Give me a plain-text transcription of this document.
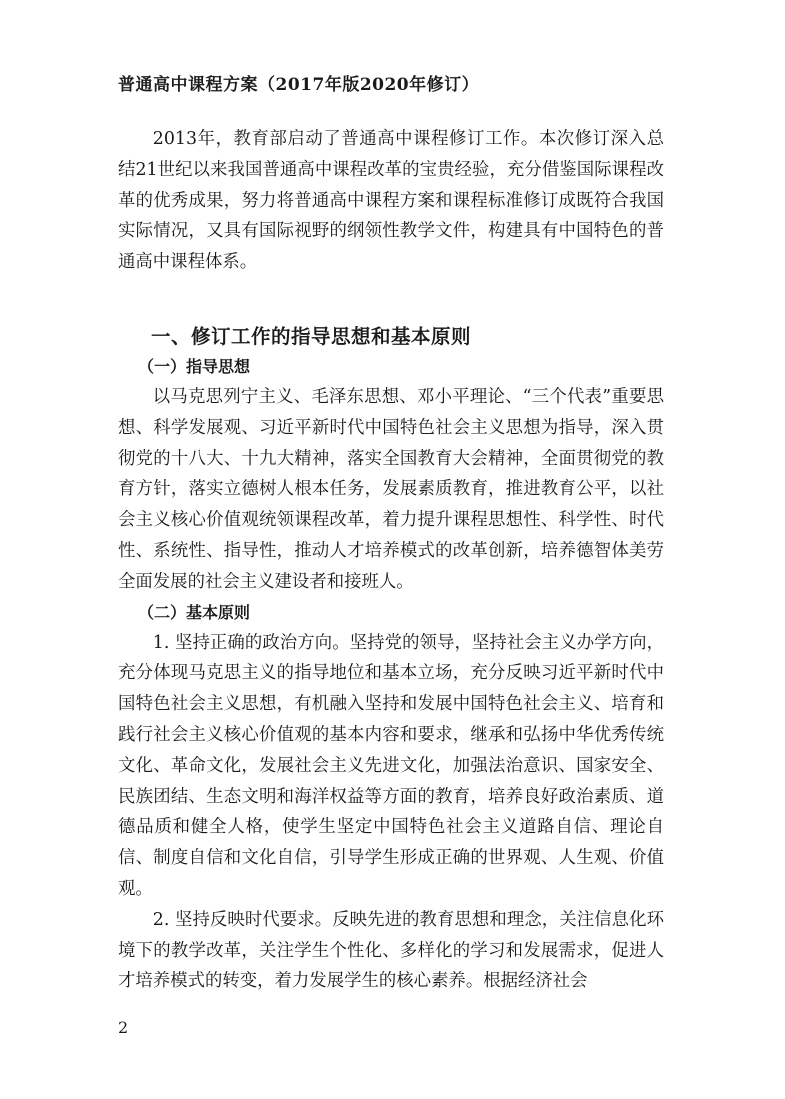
普通高中课程方案（2017年版2020年修订）

2013年，教育部启动了普通高中课程修订工作。本次修订深入总结21世纪以来我国普通高中课程改革的宝贵经验，充分借鉴国际课程改革的优秀成果，努力将普通高中课程方案和课程标准修订成既符合我国实际情况，又具有国际视野的纲领性教学文件，构建具有中国特色的普通高中课程体系。

一、修订工作的指导思想和基本原则
（一）指导思想

以马克思列宁主义、毛泽东思想、邓小平理论、“三个代表”重要思想、科学发展观、习近平新时代中国特色社会主义思想为指导，深入贯彻党的十八大、十九大精神，落实全国教育大会精神，全面贯彻党的教育方针，落实立德树人根本任务，发展素质教育，推进教育公平，以社会主义核心价值观统领课程改革，着力提升课程思想性、科学性、时代性、系统性、指导性，推动人才培养模式的改革创新，培养德智体美劳全面发展的社会主义建设者和接班人。

（二）基本原则

1. 坚持正确的政治方向。坚持党的领导，坚持社会主义办学方向，充分体现马克思主义的指导地位和基本立场，充分反映习近平新时代中国特色社会主义思想，有机融入坚持和发展中国特色社会主义、培育和践行社会主义核心价值观的基本内容和要求，继承和弘扬中华优秀传统文化、革命文化，发展社会主义先进文化，加强法治意识、国家安全、民族团结、生态文明和海洋权益等方面的教育，培养良好政治素质、道德品质和健全人格，使学生坚定中国特色社会主义道路自信、理论自信、制度自信和文化自信，引导学生形成正确的世界观、人生观、价值观。

2. 坚持反映时代要求。反映先进的教育思想和理念，关注信息化环境下的教学改革，关注学生个性化、多样化的学习和发展需求，促进人才培养模式的转变，着力发展学生的核心素养。根据经济社会

2
